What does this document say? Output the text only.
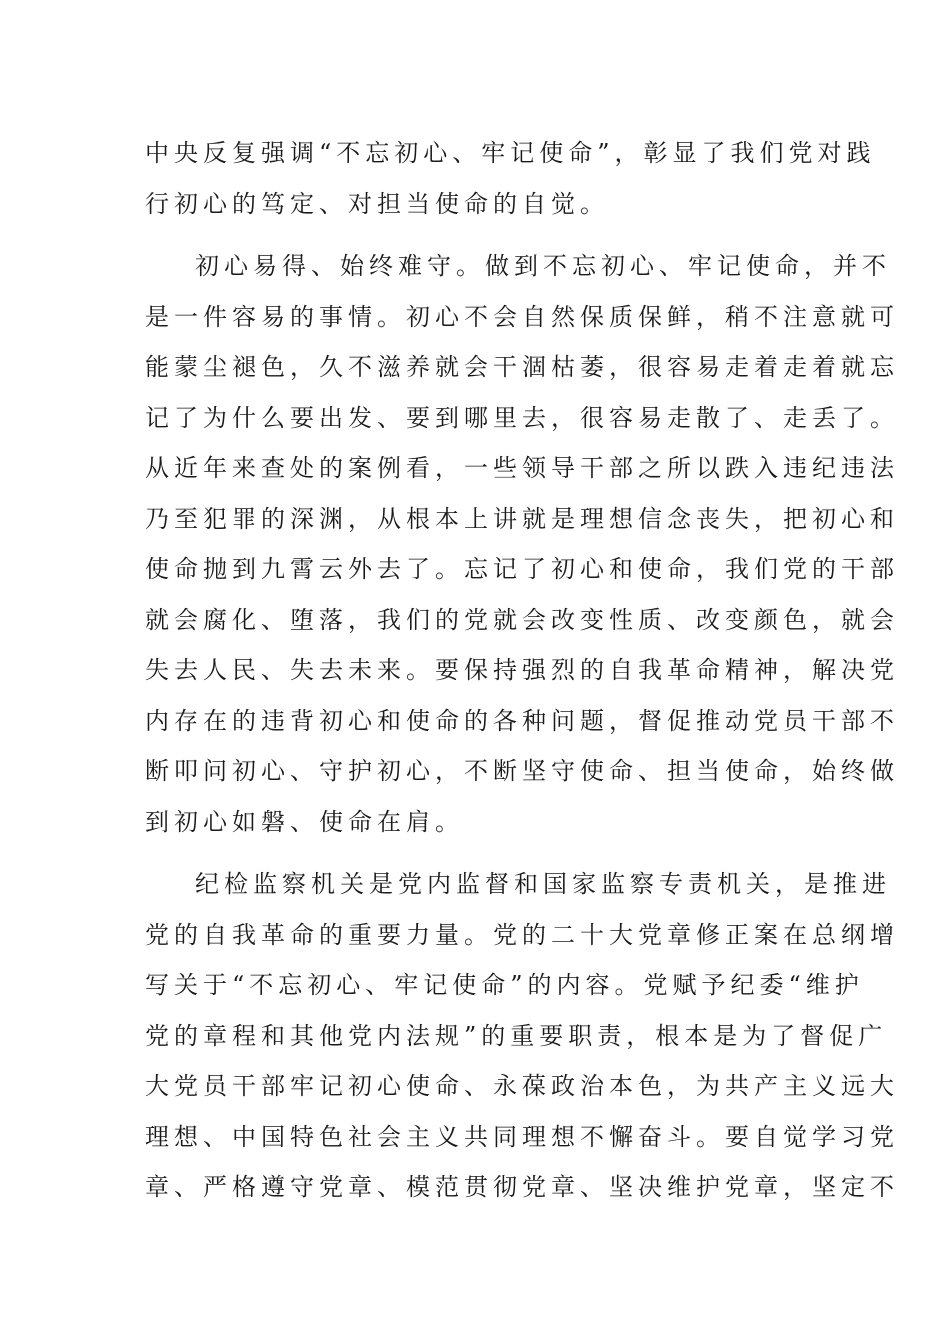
中央反复强调“不忘初心、牢记使命”，彰显了我们党对践
行初心的笃定、对担当使命的自觉。
初心易得、始终难守。做到不忘初心、牢记使命，并不
是一件容易的事情。初心不会自然保质保鲜，稍不注意就可
能蒙尘褪色，久不滋养就会干涸枯萎，很容易走着走着就忘
记了为什么要出发、要到哪里去，很容易走散了、走丢了。
从近年来查处的案例看，一些领导干部之所以跌入违纪违法
乃至犯罪的深渊，从根本上讲就是理想信念丧失，把初心和
使命抛到九霄云外去了。忘记了初心和使命，我们党的干部
就会腐化、堕落，我们的党就会改变性质、改变颜色，就会
失去人民、失去未来。要保持强烈的自我革命精神，解决党
内存在的违背初心和使命的各种问题，督促推动党员干部不
断叩问初心、守护初心，不断坚守使命、担当使命，始终做
到初心如磐、使命在肩。
纪检监察机关是党内监督和国家监察专责机关，是推进
党的自我革命的重要力量。党的二十大党章修正案在总纲增
写关于“不忘初心、牢记使命”的内容。党赋予纪委“维护
党的章程和其他党内法规”的重要职责，根本是为了督促广
大党员干部牢记初心使命、永葆政治本色，为共产主义远大
理想、中国特色社会主义共同理想不懈奋斗。要自觉学习党
章、严格遵守党章、模范贯彻党章、坚决维护党章，坚定不
